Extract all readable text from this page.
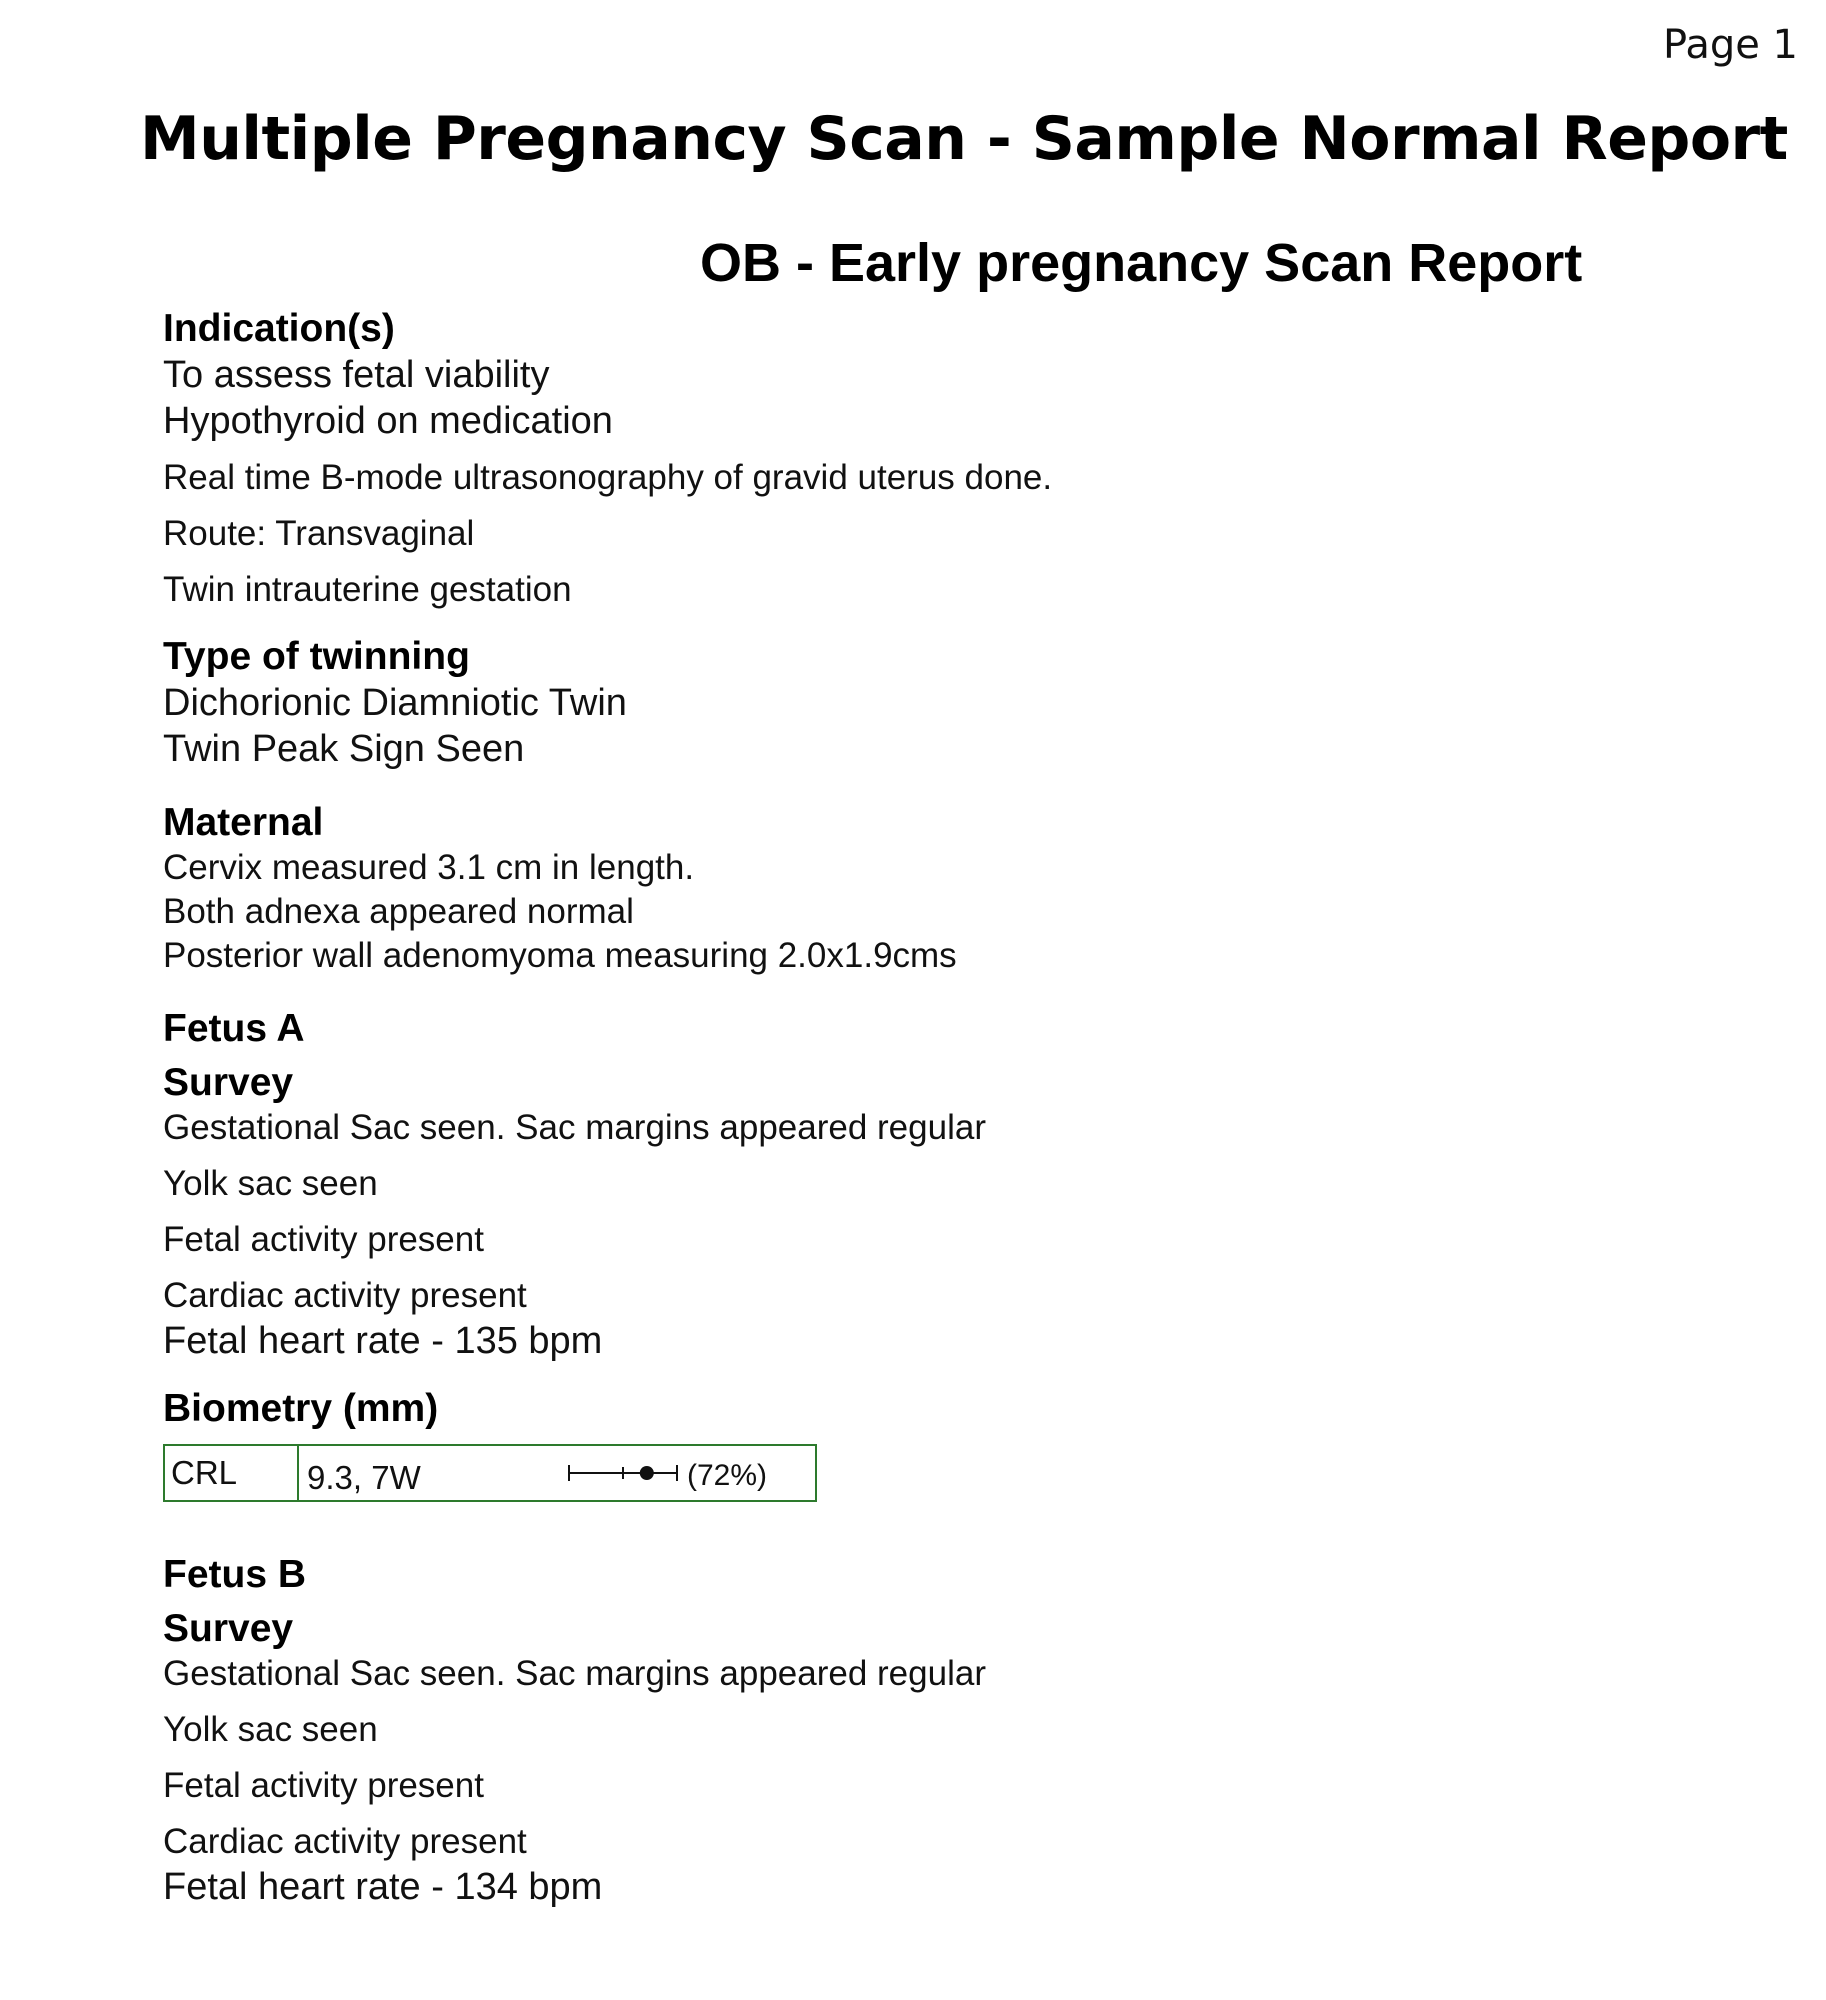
Page 1
Multiple Pregnancy Scan - Sample Normal Report
OB - Early pregnancy Scan Report
Indication(s)
To assess fetal viability
Hypothyroid on medication
Real time B-mode ultrasonography of gravid uterus done.
Route: Transvaginal
Twin intrauterine gestation
Type of twinning
Dichorionic Diamniotic Twin
Twin Peak Sign Seen
Maternal
Cervix measured 3.1 cm in length.
Both adnexa appeared normal
Posterior wall adenomyoma measuring 2.0x1.9cms
Fetus A
Survey
Gestational Sac seen. Sac margins appeared regular
Yolk sac seen
Fetal activity present
Cardiac activity present
Fetal heart rate - 135 bpm
Biometry (mm)
CRL	9.3, 7W	(72%)
Fetus B
Survey
Gestational Sac seen. Sac margins appeared regular
Yolk sac seen
Fetal activity present
Cardiac activity present
Fetal heart rate - 134 bpm
